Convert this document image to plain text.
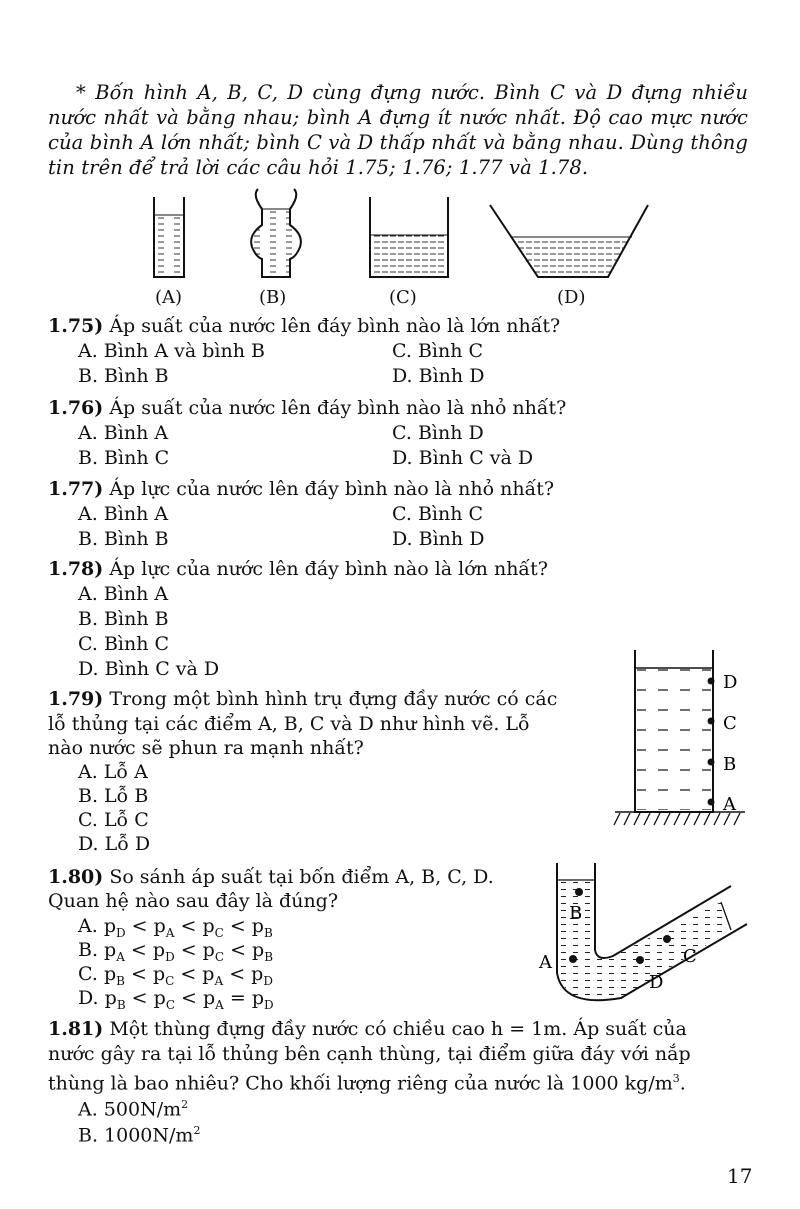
* Bốn hình A, B, C, D cùng đựng nước. Bình C và D đựng nhiều nước nhất và bằng nhau; bình A đựng ít nước nhất. Độ cao mực nước của bình A lớn nhất; bình C và D thấp nhất và bằng nhau. Dùng thông tin trên để trả lời các câu hỏi 1.75; 1.76; 1.77 và 1.78.
(A)	(B)	(C)	(D)
1.75) Áp suất của nước lên đáy bình nào là lớn nhất?
A. Bình A và bình B	C. Bình C
B. Bình B	D. Bình D
1.76) Áp suất của nước lên đáy bình nào là nhỏ nhất?
A. Bình A	C. Bình D
B. Bình C	D. Bình C và D
1.77) Áp lực của nước lên đáy bình nào là nhỏ nhất?
A. Bình A	C. Bình C
B. Bình B	D. Bình D
1.78) Áp lực của nước lên đáy bình nào là lớn nhất?
A. Bình A
B. Bình B
C. Bình C
D. Bình C và D
D
C
B
A
1.79) Trong một bình hình trụ đựng đầy nước có các
lỗ thủng tại các điểm A, B, C và D như hình vẽ. Lỗ
nào nước sẽ phun ra mạnh nhất?
A. Lỗ A
B. Lỗ B
C. Lỗ C
D. Lỗ D
A
B
C
D
1.80) So sánh áp suất tại bốn điểm A, B, C, D.
Quan hệ nào sau đây là đúng?
A. $p_D < p_A < p_C < p_B$
B. $p_A < p_D < p_C < p_B$
C. $p_B < p_C < p_A < p_D$
D. $p_B < p_C < p_A = p_D$
1.81) Một thùng đựng đầy nước có chiều cao h = 1m. Áp suất của
nước gây ra tại lỗ thủng bên cạnh thùng, tại điểm giữa đáy với nắp
thùng là bao nhiêu? Cho khối lượng riêng của nước là 1000 $kg/m^3$.
A. $500N/m^2$
B. $1000N/m^2$
17
